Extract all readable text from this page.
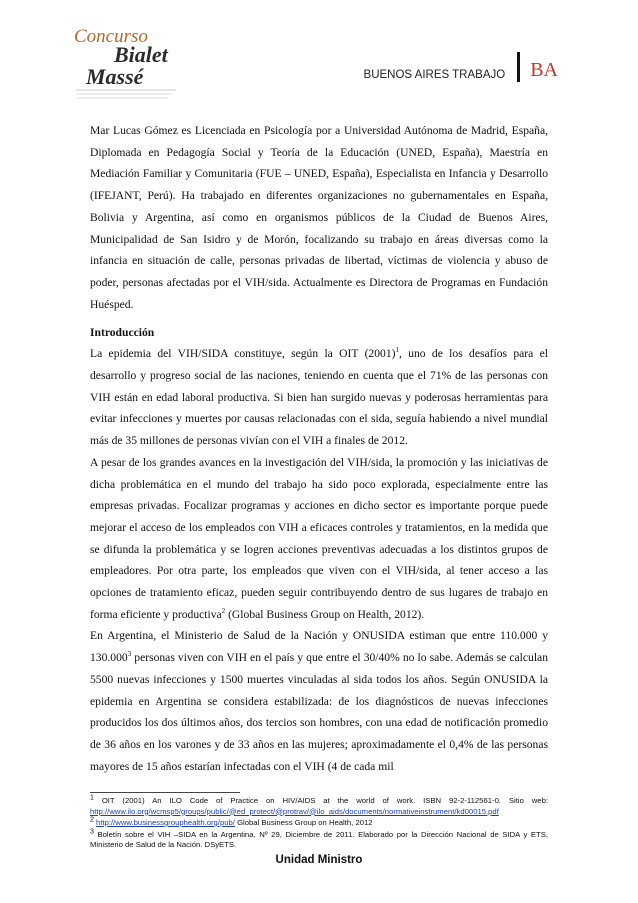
Concurso
Bialet
Massé	BUENOS AIRES TRABAJO BA

Mar Lucas Gómez es Licenciada en Psicología por a Universidad Autónoma de Madrid, España, Diplomada en Pedagogía Social y Teoría de la Educación (UNED, España), Maestría en Mediación Familiar y Comunitaria (FUE – UNED, España), Especialista en Infancia y Desarrollo (IFEJANT, Perú). Ha trabajado en diferentes organizaciones no gubernamentales en España, Bolivia y Argentina, así como en organismos públicos de la Ciudad de Buenos Aires, Municipalidad de San Isidro y de Morón, focalizando su trabajo en áreas diversas como la infancia en situación de calle, personas privadas de libertad, víctimas de violencia y abuso de poder, personas afectadas por el VIH/sida. Actualmente es Directora de Programas en Fundación Huésped.

Introducción

La epidemia del VIH/SIDA constituye, según la OIT $(2001)^1$, uno de los desafíos para el desarrollo y progreso social de las naciones, teniendo en cuenta que el 71% de las personas con VIH están en edad laboral productiva. Si bien han surgido nuevas y poderosas herramientas para evitar infecciones y muertes por causas relacionadas con el sida, seguía habiendo a nivel mundial más de 35 millones de personas vivían con el VIH a finales de 2012.

A pesar de los grandes avances en la investigación del VIH/sida, la promoción y las iniciativas de dicha problemática en el mundo del trabajo ha sido poco explorada, especialmente entre las empresas privadas. Focalizar programas y acciones en dicho sector es importante porque puede mejorar el acceso de los empleados con VIH a eficaces controles y tratamientos, en la medida que se difunda la problemática y se logren acciones preventivas adecuadas a los distintos grupos de empleadores. Por otra parte, los empleados que viven con el VIH/sida, al tener acceso a las opciones de tratamiento eficaz, pueden seguir contribuyendo dentro de sus lugares de trabajo en forma eficiente y productiva$^2$ (Global Business Group on Health, 2012).

En Argentina, el Ministerio de Salud de la Nación y ONUSIDA estiman que entre 110.000 y 130.000$^3$ personas viven con VIH en el país y que entre el 30/40% no lo sabe. Además se calculan 5500 nuevas infecciones y 1500 muertes vinculadas al sida todos los años. Según ONUSIDA la epidemia en Argentina se considera estabilizada: de los diagnósticos de nuevas infecciones producidos los dos últimos años, dos tercios son hombres, con una edad de notificación promedio de 36 años en los varones y de 33 años en las mujeres; aproximadamente el 0,4% de las personas mayores de 15 años estarían infectadas con el VIH (4 de cada mil

$^1$ OIT (2001) An ILO Code of Practice on HIV/AIDS at the world of work. ISBN 92-2-112561-0. Sitio web: http://www.ilo.org/wcmsp5/groups/public/@ed_protect/@protrav/@ilo_aids/documents/normativeinstrument/kd00015.pdf
$^2$ http://www.businessgrouphealth.org/pub/ Global Business Group on Health, 2012
$^3$ Boletín sobre el VIH –SIDA en la Argentina, Nº 29, Diciembre de 2011. Elaborado por la Dirección Nacional de SIDA y ETS, Ministerio de Salud de la Nación. DSyETS.
Unidad Ministro
